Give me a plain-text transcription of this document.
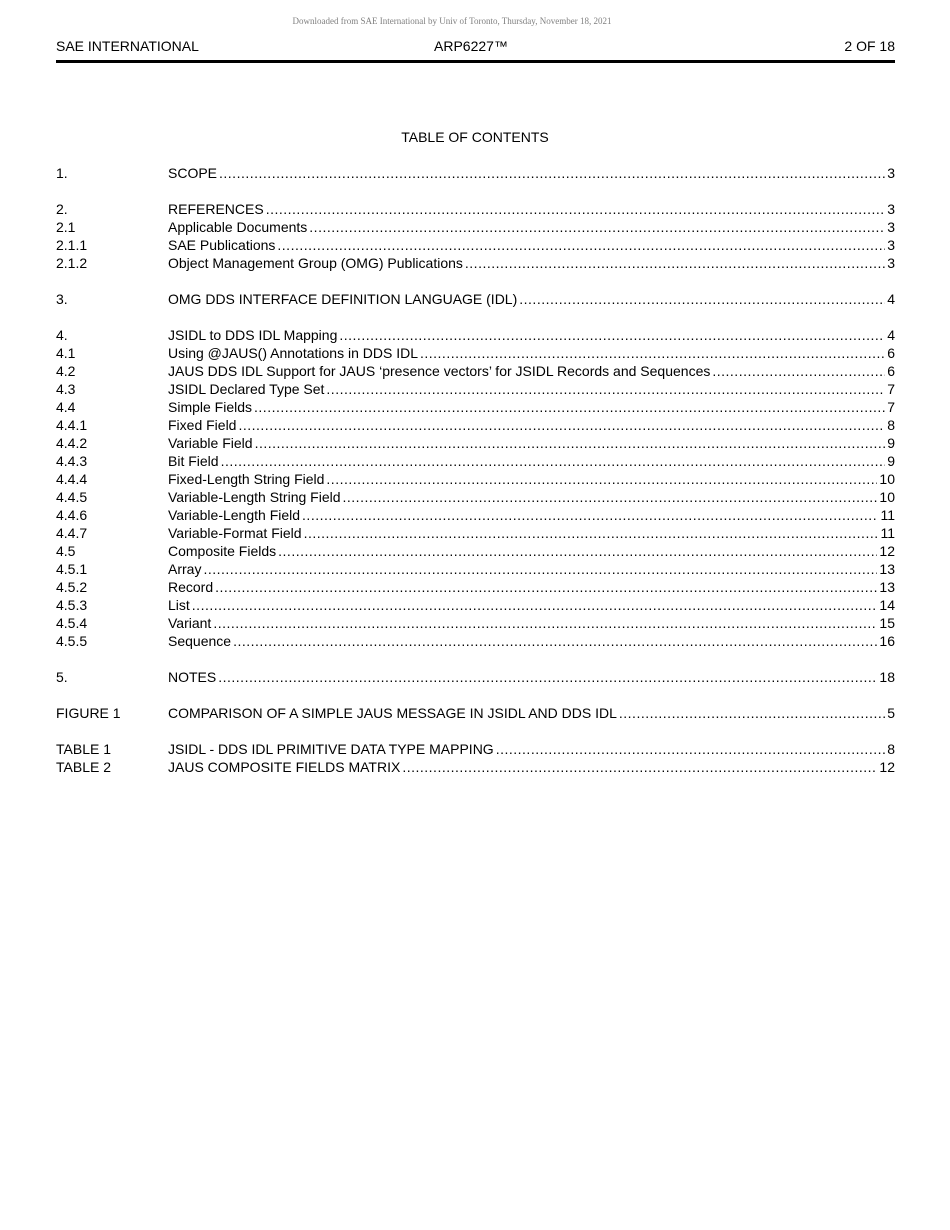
Downloaded from SAE International by Univ of Toronto, Thursday, November 18, 2021
SAE INTERNATIONAL	ARP6227™	2 OF 18
TABLE OF CONTENTS
1.	SCOPE .....	3
2.	REFERENCES .....	3
2.1	Applicable Documents .....	3
2.1.1	SAE Publications .....	3
2.1.2	Object Management Group (OMG) Publications .....	3
3.	OMG DDS INTERFACE DEFINITION LANGUAGE (IDL) .....	4
4.	JSIDL to DDS IDL Mapping .....	4
4.1	Using @JAUS() Annotations in DDS IDL .....	6
4.2	JAUS DDS IDL Support for JAUS ‘presence vectors’ for JSIDL Records and Sequences .....	6
4.3	JSIDL Declared Type Set .....	7
4.4	Simple Fields .....	7
4.4.1	Fixed Field .....	8
4.4.2	Variable Field .....	9
4.4.3	Bit Field .....	9
4.4.4	Fixed-Length String Field .....	10
4.4.5	Variable-Length String Field .....	10
4.4.6	Variable-Length Field .....	11
4.4.7	Variable-Format Field .....	11
4.5	Composite Fields .....	12
4.5.1	Array .....	13
4.5.2	Record .....	13
4.5.3	List .....	14
4.5.4	Variant .....	15
4.5.5	Sequence .....	16
5.	NOTES .....	18
FIGURE 1	COMPARISON OF A SIMPLE JAUS MESSAGE IN JSIDL AND DDS IDL .....	5
TABLE 1	JSIDL - DDS IDL PRIMITIVE DATA TYPE MAPPING .....	8
TABLE 2	JAUS COMPOSITE FIELDS MATRIX .....	12
